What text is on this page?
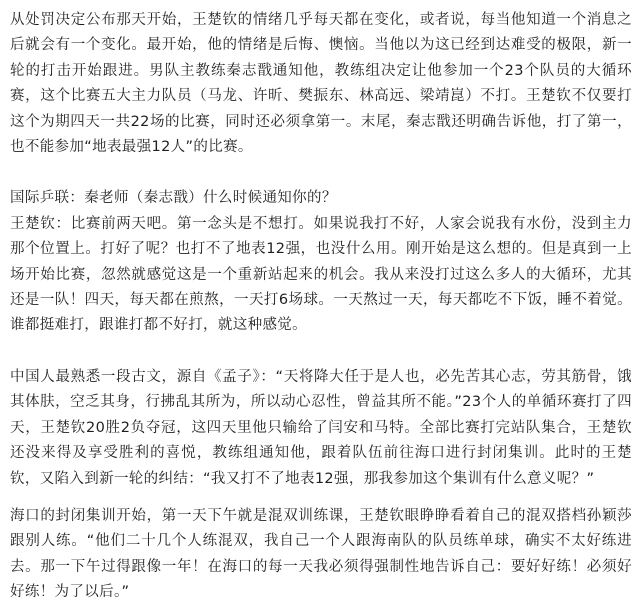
从处罚决定公布那天开始，王楚钦的情绪几乎每天都在变化，或者说，每当他知道一个消息之后就会有一个变化。最开始，他的情绪是后悔、懊恼。当他以为这已经到达难受的极限，新一轮的打击开始跟进。男队主教练秦志戬通知他，教练组决定让他参加一个23个队员的大循环赛，这个比赛五大主力队员（马龙、许昕、樊振东、林高远、梁靖崑）不打。王楚钦不仅要打这个为期四天一共22场的比赛，同时还必须拿第一。末尾，秦志戬还明确告诉他，打了第一，也不能参加“地表最强12人”的比赛。

国际乒联：秦老师（秦志戬）什么时候通知你的？

王楚钦：比赛前两天吧。第一念头是不想打。如果说我打不好，人家会说我有水份，没到主力那个位置上。打好了呢？也打不了地表12强，也没什么用。刚开始是这么想的。但是真到一上场开始比赛，忽然就感觉这是一个重新站起来的机会。我从来没打过这么多人的大循环，尤其还是一队！四天，每天都在煎熬，一天打6场球。一天熬过一天，每天都吃不下饭，睡不着觉。谁都挺难打，跟谁打都不好打，就这种感觉。

中国人最熟悉一段古文，源自《孟子》：“天将降大任于是人也，必先苦其心志，劳其筋骨，饿其体肤，空乏其身，行拂乱其所为，所以动心忍性，曾益其所不能。”23个人的单循环赛打了四天，王楚钦20胜2负夺冠，这四天里他只输给了闫安和马特。全部比赛打完站队集合，王楚钦还没来得及享受胜利的喜悦，教练组通知他，跟着队伍前往海口进行封闭集训。此时的王楚钦，又陷入到新一轮的纠结：“我又打不了地表12强，那我参加这个集训有什么意义呢？”

海口的封闭集训开始，第一天下午就是混双训练课，王楚钦眼睁睁看着自己的混双搭档孙颖莎跟别人练。“他们二十几个人练混双，我自己一个人跟海南队的队员练单球，确实不太好练进去。那一下午过得跟像一年！在海口的每一天我必须得强制性地告诉自己：要好好练！必须好好练！为了以后。”
